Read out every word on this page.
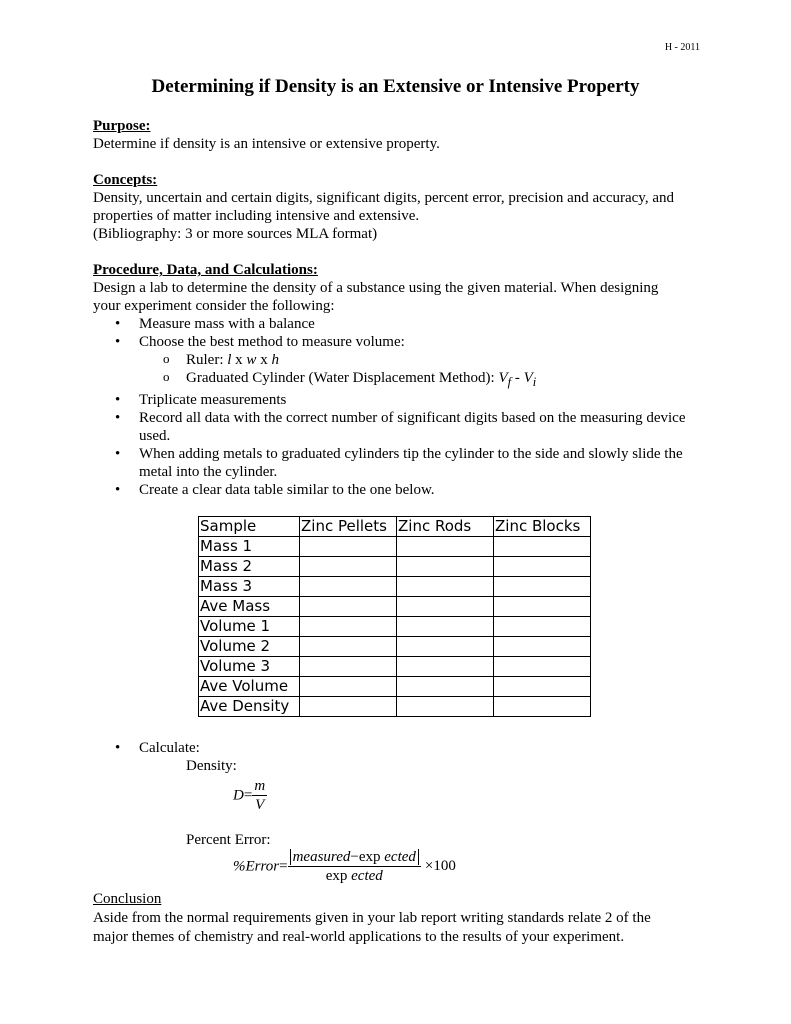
H - 2011
Determining if Density is an Extensive or Intensive Property
Purpose:
Determine if density is an intensive or extensive property.
Concepts:
Density, uncertain and certain digits, significant digits, percent error, precision and accuracy, and
properties of matter including intensive and extensive.
(Bibliography: 3 or more sources MLA format)
Procedure, Data, and Calculations:
Design a lab to determine the density of a substance using the given material. When designing
your experiment consider the following:
• Measure mass with a balance
• Choose the best method to measure volume:
o Ruler: l x w x h
o Graduated Cylinder (Water Displacement Method): $V_f - V_i$
• Triplicate measurements
• Record all data with the correct number of significant digits based on the measuring device used.
• When adding metals to graduated cylinders tip the cylinder to the side and slowly slide the metal into the cylinder.
• Create a clear data table similar to the one below.
Sample	Zinc Pellets	Zinc Rods	Zinc Blocks
Mass 1			
Mass 2			
Mass 3			
Ave Mass			
Volume 1			
Volume 2			
Volume 3			
Ave Volume			
Ave Density			
• Calculate:
Density:
$D= \frac{m}{V}$
Percent Error:
%Error= $\frac{\text{measured−exp ected}}{\text{exp ected}} \times 100$
Conclusion
Aside from the normal requirements given in your lab report writing standards relate 2 of the
major themes of chemistry and real-world applications to the results of your experiment.
